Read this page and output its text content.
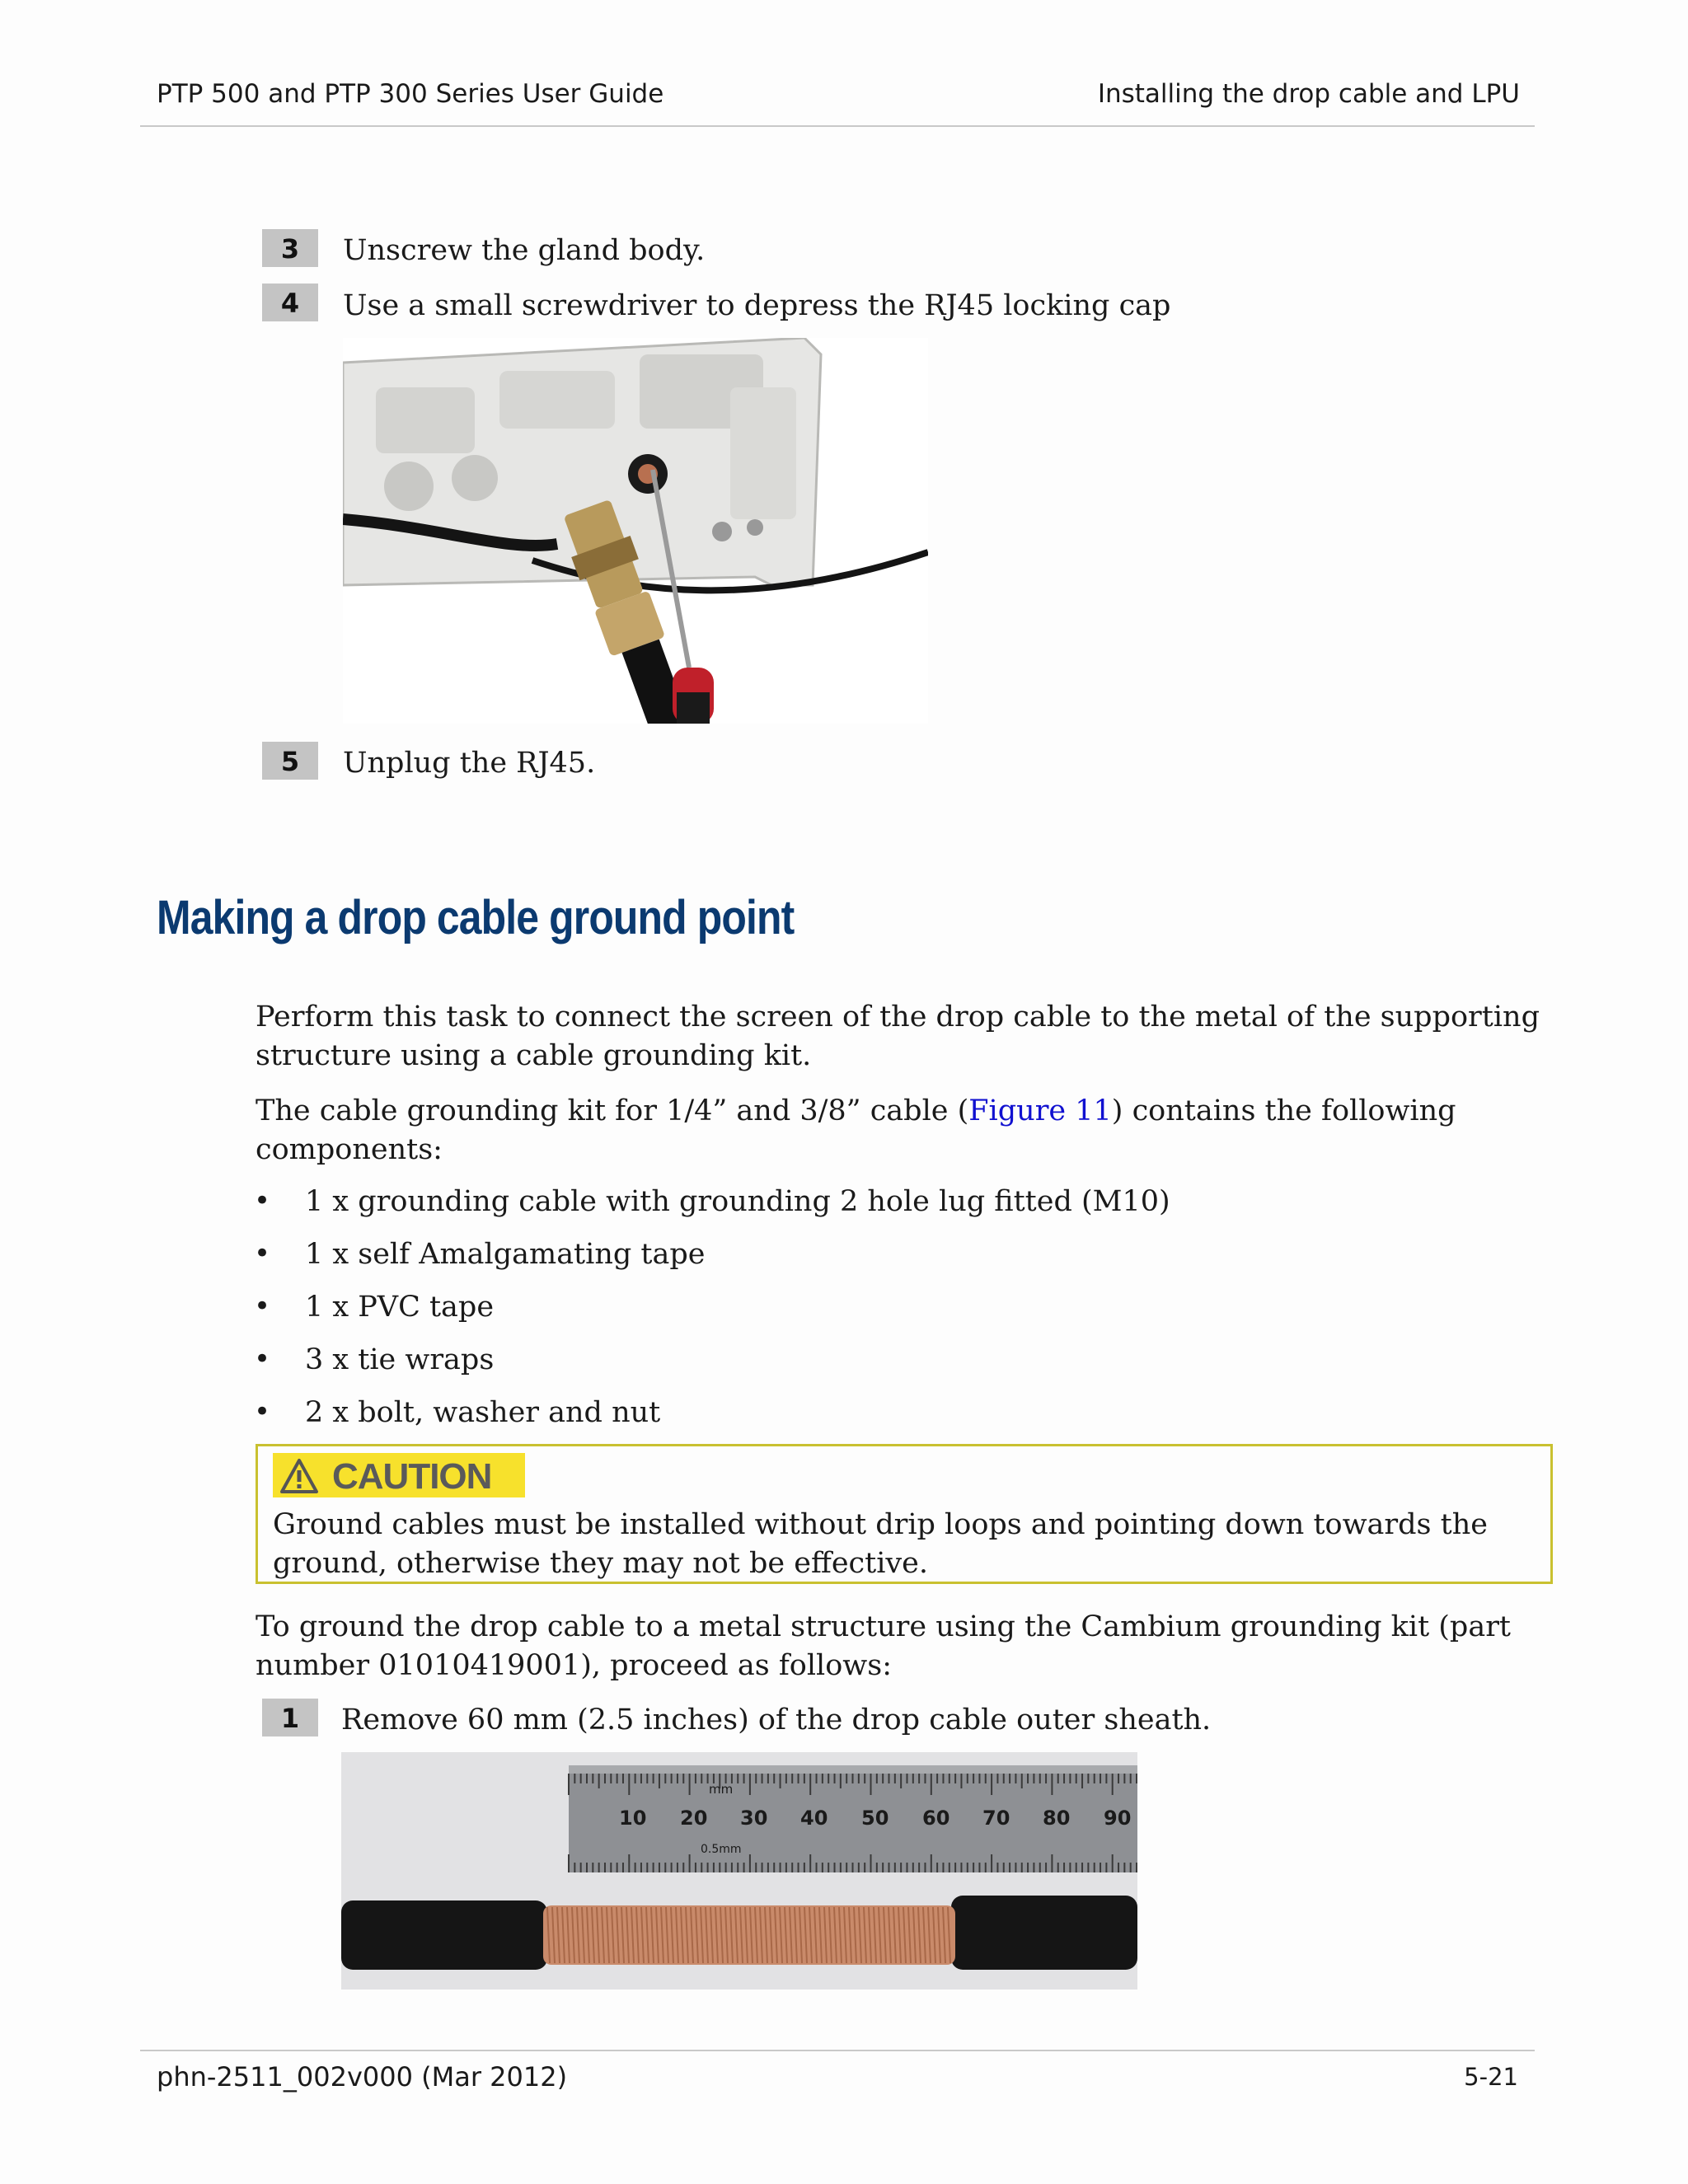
PTP 500 and PTP 300 Series User Guide	Installing the drop cable and LPU
3	Unscrew the gland body.
4	Use a small screwdriver to depress the RJ45 locking cap
5	Unplug the RJ45.
Making a drop cable ground point
Perform this task to connect the screen of the drop cable to the metal of the supporting structure using a cable grounding kit.
The cable grounding kit for 1/4” and 3/8” cable (Figure 11) contains the following components:
• 1 x grounding cable with grounding 2 hole lug fitted (M10)
• 1 x self Amalgamating tape
• 1 x PVC tape
• 3 x tie wraps
• 2 x bolt, washer and nut
CAUTION
Ground cables must be installed without drip loops and pointing down towards the ground, otherwise they may not be effective.
To ground the drop cable to a metal structure using the Cambium grounding kit (part number 01010419001), proceed as follows:
1	Remove 60 mm (2.5 inches) of the drop cable outer sheath.
mm
0.5mm
10 20 30 40 50 60 70 80 90
phn-2511_002v000 (Mar 2012)	5-21
